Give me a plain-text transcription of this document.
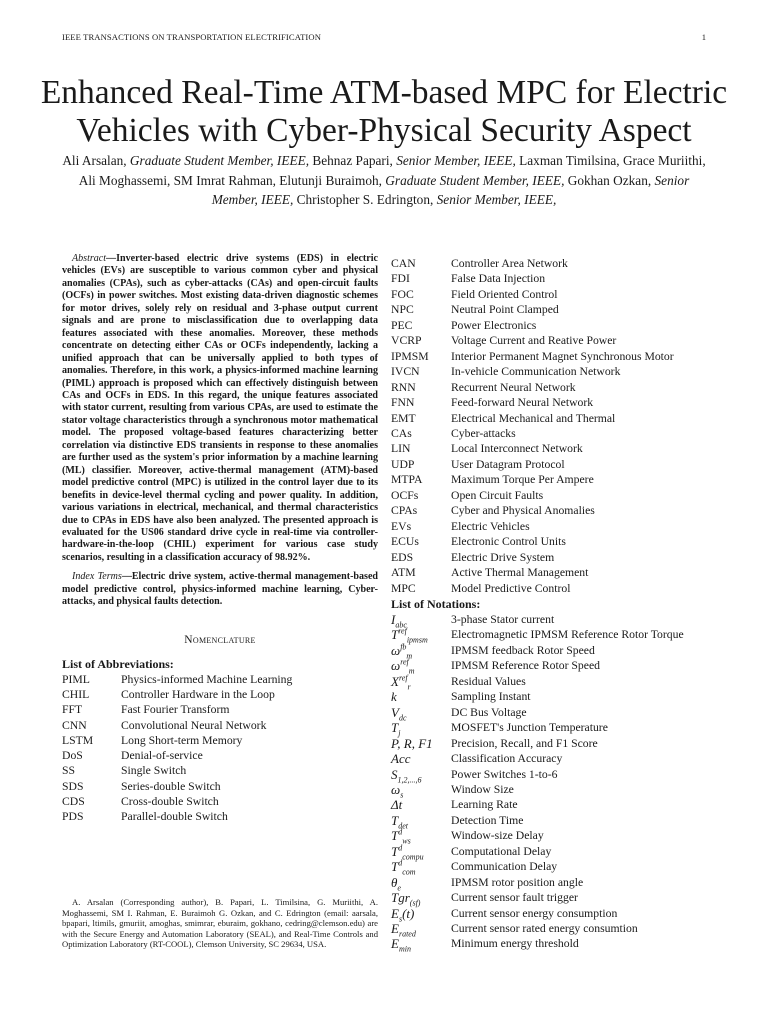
IEEE TRANSACTIONS ON TRANSPORTATION ELECTRIFICATION	1
Enhanced Real-Time ATM-based MPC for Electric Vehicles with Cyber-Physical Security Aspect
Ali Arsalan, Graduate Student Member, IEEE, Behnaz Papari, Senior Member, IEEE, Laxman Timilsina, Grace Muriithi, Ali Moghassemi, SM Imrat Rahman, Elutunji Buraimoh, Graduate Student Member, IEEE, Gokhan Ozkan, Senior Member, IEEE, Christopher S. Edrington, Senior Member, IEEE,

Abstract—Inverter-based electric drive systems (EDS) in electric vehicles (EVs) are susceptible to various common cyber and physical anomalies (CPAs), such as cyber-attacks (CAs) and open-circuit faults (OCFs) in power switches. Most existing data-driven diagnostic schemes for motor drives, solely rely on residual and 3-phase output current signals and are prone to misclassification due to overlapping data features associated with these anomalies. Moreover, these methods concentrate on detecting either CAs or OCFs independently, lacking a unified approach that can be universally applied to both types of anomalies. Therefore, in this work, a physics-informed machine learning (PIML) approach is proposed which can effectively distinguish between CAs and OCFs in EDS. In this regard, the unique features associated with stator current, resulting from various CPAs, are used to estimate the stator voltage characteristics through a synchronous motor mathematical model. The proposed voltage-based features characterizing better correlation via distinctive EDS transients in response to these anomalies are further used as the system's prior information by a machine learning (ML) classifier. Moreover, active-thermal management (ATM)-based model predictive control (MPC) is utilized in the control layer due to its benefits in device-level thermal cycling and power quality. In addition, various variations in electrical, mechanical, and thermal characteristics due to CPAs in EDS have also been analyzed. The presented approach is evaluated for the US06 standard drive cycle in real-time via controller-hardware-in-the-loop (CHIL) experiment for various case study scenarios, resulting in a classification accuracy of 98.92%.

Index Terms—Electric drive system, active-thermal management-based model predictive control, physics-informed machine learning, Cyber-attacks, and physical faults detection.

Nomenclature
List of Abbreviations:
PIML	Physics-informed Machine Learning
CHIL	Controller Hardware in the Loop
FFT	Fast Fourier Transform
CNN	Convolutional Neural Network
LSTM	Long Short-term Memory
DoS	Denial-of-service
SS	Single Switch
SDS	Series-double Switch
CDS	Cross-double Switch
PDS	Parallel-double Switch
A. Arsalan (Corresponding author), B. Papari, L. Timilsina, G. Muriithi, A. Moghassemi, SM I. Rahman, E. Buraimoh G. Ozkan, and C. Edrington (email: aarsala, bpapari, ltimils, gmuriit, amoghas, smimrar, eburaim, gokhano, cedring@clemson.edu) are with the Secure Energy and Automation Laboratory (SEAL), and Real-Time Controls and Optimization Laboratory (RT-COOL), Clemson University, SC 29634, USA.
CAN	Controller Area Network
FDI	False Data Injection
FOC	Field Oriented Control
NPC	Neutral Point Clamped
PEC	Power Electronics
VCRP	Voltage Current and Reative Power
IPMSM	Interior Permanent Magnet Synchronous Motor
IVCN	In-vehicle Communication Network
RNN	Recurrent Neural Network
FNN	Feed-forward Neural Network
EMT	Electrical Mechanical and Thermal
CAs	Cyber-attacks
LIN	Local Interconnect Network
UDP	User Datagram Protocol
MTPA	Maximum Torque Per Ampere
OCFs	Open Circuit Faults
CPAs	Cyber and Physical Anomalies
EVs	Electric Vehicles
ECUs	Electronic Control Units
EDS	Electric Drive System
ATM	Active Thermal Management
MPC	Model Predictive Control
List of Notations:
$I_{abc}$	3-phase Stator current
$T^{ref}_{ipmsm}$	Electromagnetic IPMSM Reference Rotor Torque
$\omega^{fb}_m$	IPMSM feedback Rotor Speed
$\omega^{ref}_m$	IPMSM Reference Rotor Speed
$X^{ref}_r$	Residual Values
k	Sampling Instant
$V_{dc}$	DC Bus Voltage
$T_j$	MOSFET's Junction Temperature
P, R, F1	Precision, Recall, and F1 Score
Acc	Classification Accuracy
$S_{1,2,...,6}$	Power Switches 1-to-6
$\omega_s$	Window Size
Δt	Learning Rate
$T_{det}$	Detection Time
$T^d_{ws}$	Window-size Delay
$T^d_{compu}$	Computational Delay
$T^d_{com}$	Communication Delay
$\theta_e$	IPMSM rotor position angle
Tgr$_{(sf)}$	Current sensor fault trigger
$E_s(t)$	Current sensor energy consumption
$E_{rated}$	Current sensor rated energy consumtion
$E_{min}$	Minimum energy threshold
